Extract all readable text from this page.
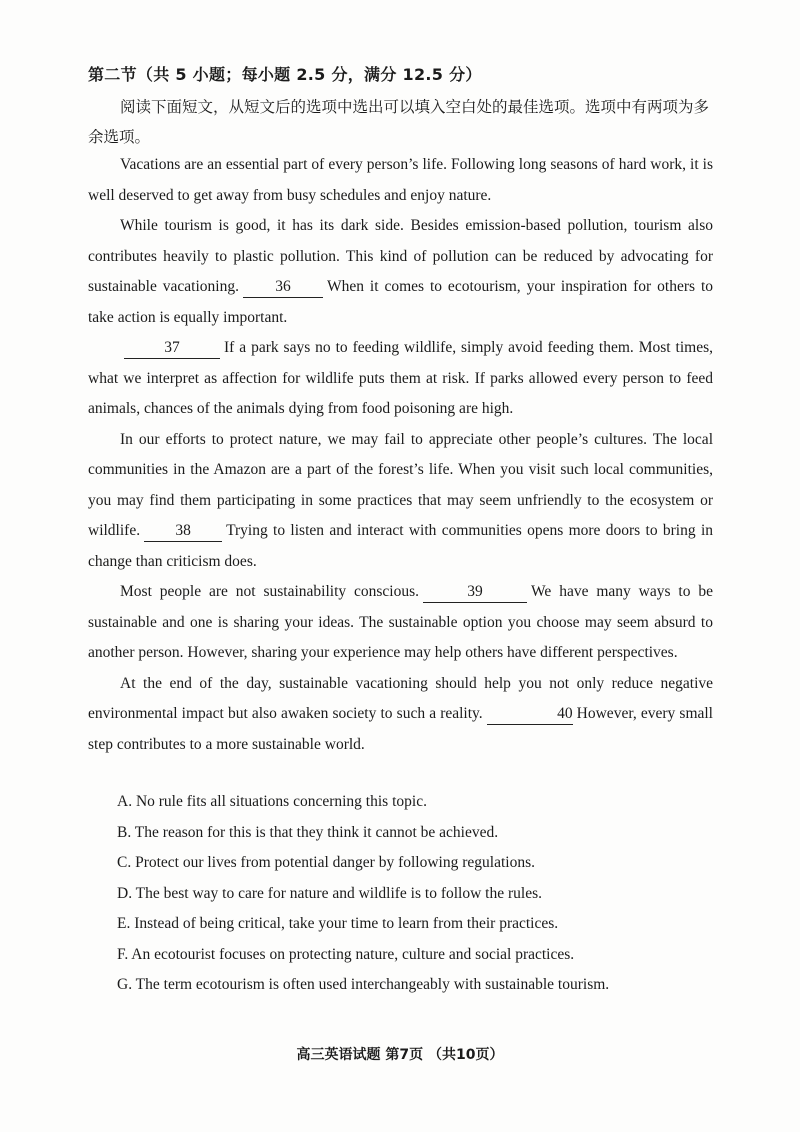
第二节（共 5 小题；每小题 2.5 分，满分 12.5 分）
阅读下面短文，从短文后的选项中选出可以填入空白处的最佳选项。选项中有两项为多余选项。

Vacations are an essential part of every person’s life. Following long seasons of hard work, it is well deserved to get away from busy schedules and enjoy nature.

While tourism is good, it has its dark side. Besides emission-based pollution, tourism also contributes heavily to plastic pollution. This kind of pollution can be reduced by advocating for sustainable vacationing. 36 When it comes to ecotourism, your inspiration for others to take action is equally important.

37	If a park says no to feeding wildlife, simply avoid feeding them. Most times, what we interpret as affection for wildlife puts them at risk. If parks allowed every person to feed animals, chances of the animals dying from food poisoning are high.

In our efforts to protect nature, we may fail to appreciate other people’s cultures. The local communities in the Amazon are a part of the forest’s life. When you visit such local communities, you may find them participating in some practices that may seem unfriendly to the ecosystem or wildlife. 38 Trying to listen and interact with communities opens more doors to bring in change than criticism does.

Most people are not sustainability conscious.	39	We have many ways to be sustainable and one is sharing your ideas. The sustainable option you choose may seem absurd to another person. However, sharing your experience may help others have different perspectives.

At the end of the day, sustainable vacationing should help you not only reduce negative environmental impact but also awaken society to such a reality.	40 However, every small step contributes to a more sustainable world.

A. No rule fits all situations concerning this topic.
B. The reason for this is that they think it cannot be achieved.
C. Protect our lives from potential danger by following regulations.
D. The best way to care for nature and wildlife is to follow the rules.
E. Instead of being critical, take your time to learn from their practices.
F. An ecotourist focuses on protecting nature, culture and social practices.
G. The term ecotourism is often used interchangeably with sustainable tourism.
高三英语试题 第7页 （共10页）
